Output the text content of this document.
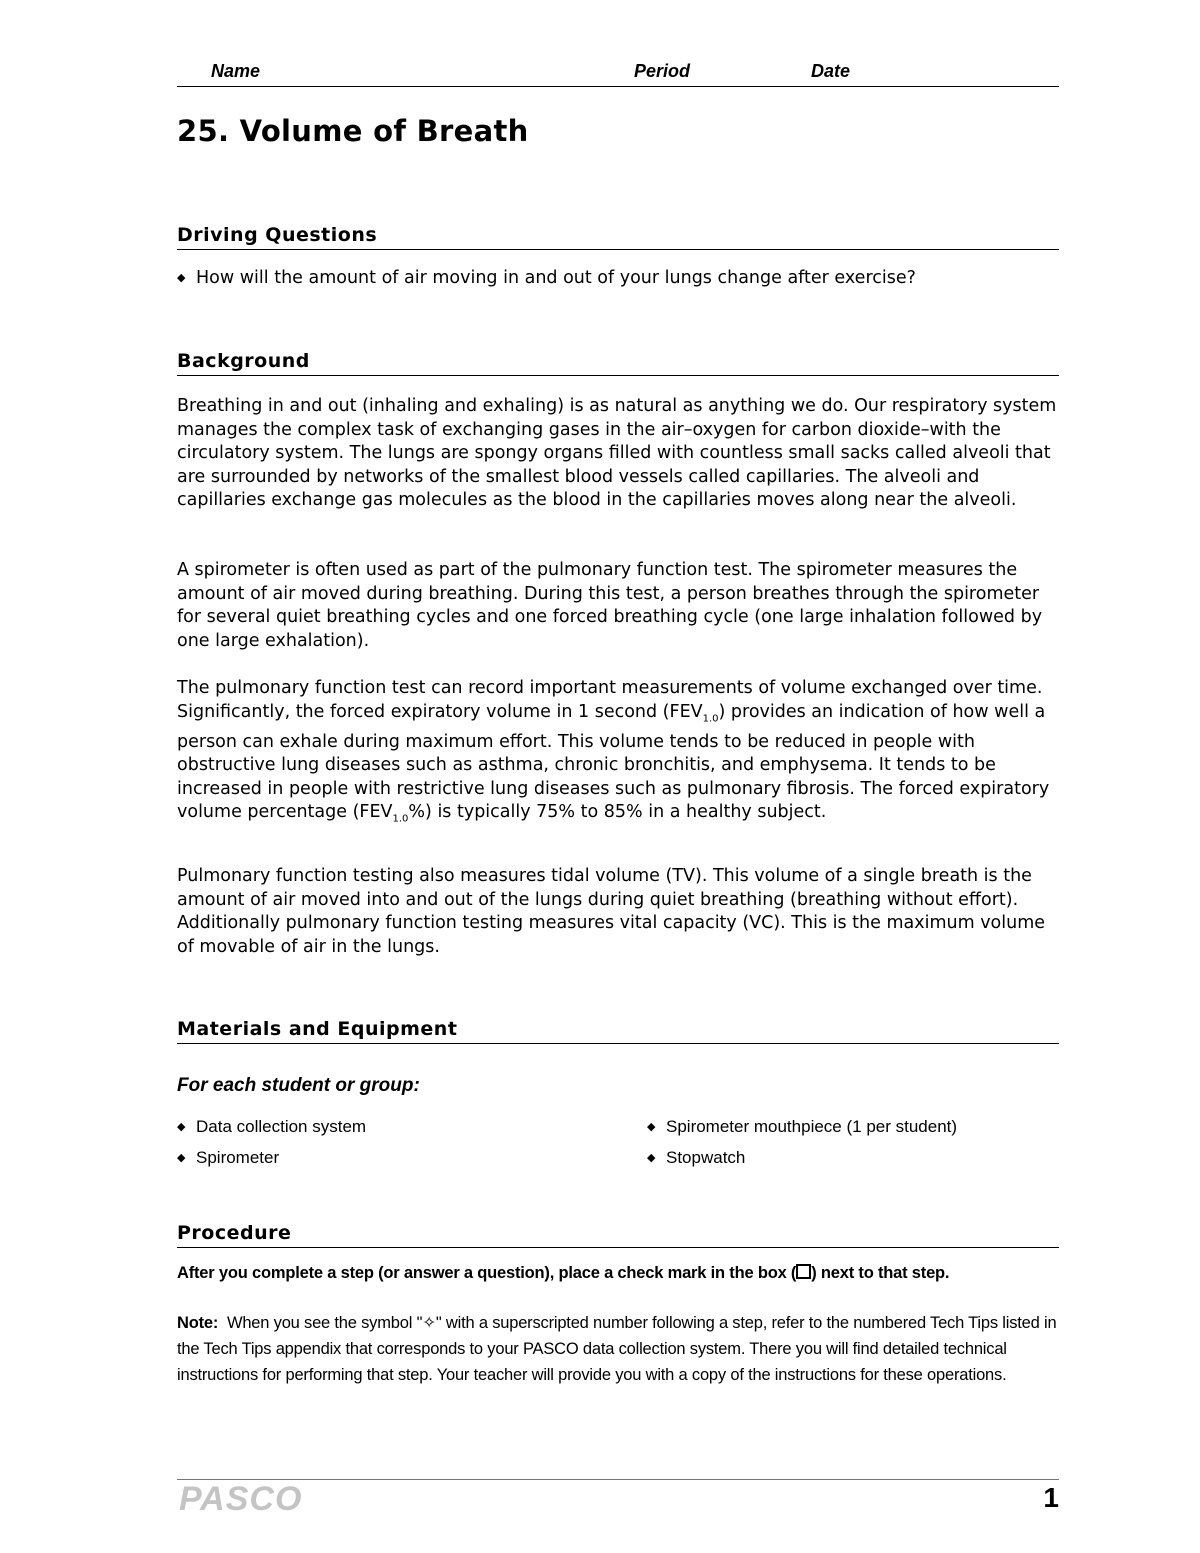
Name	Period	Date
25. Volume of Breath
Driving Questions
◆ How will the amount of air moving in and out of your lungs change after exercise?
Background

Breathing in and out (inhaling and exhaling) is as natural as anything we do. Our respiratory system manages the complex task of exchanging gases in the air–oxygen for carbon dioxide–with the circulatory system. The lungs are spongy organs filled with countless small sacks called alveoli that are surrounded by networks of the smallest blood vessels called capillaries. The alveoli and capillaries exchange gas molecules as the blood in the capillaries moves along near the alveoli.

A spirometer is often used as part of the pulmonary function test. The spirometer measures the amount of air moved during breathing. During this test, a person breathes through the spirometer for several quiet breathing cycles and one forced breathing cycle (one large inhalation followed by one large exhalation).

The pulmonary function test can record important measurements of volume exchanged over time. Significantly, the forced expiratory volume in 1 second $(FEV_{1.0})$ provides an indication of how well a person can exhale during maximum effort. This volume tends to be reduced in people with obstructive lung diseases such as asthma, chronic bronchitis, and emphysema. It tends to be increased in people with restrictive lung diseases such as pulmonary fibrosis. The forced expiratory volume percentage $(FEV_{1.0}\%)$ is typically 75% to 85% in a healthy subject.

Pulmonary function testing also measures tidal volume (TV). This volume of a single breath is the amount of air moved into and out of the lungs during quiet breathing (breathing without effort). Additionally pulmonary function testing measures vital capacity (VC). This is the maximum volume of movable of air in the lungs.

Materials and Equipment

For each student or group:

◆ Data collection system	◆ Spirometer mouthpiece (1 per student)
◆ Spirometer	◆ Stopwatch
Procedure

After you complete a step (or answer a question), place a check mark in the box ( ) next to that step.

Note: When you see the symbol "✧" with a superscripted number following a step, refer to the numbered Tech Tips listed in the Tech Tips appendix that corresponds to your PASCO data collection system. There you will find detailed technical instructions for performing that step. Your teacher will provide you with a copy of the instructions for these operations.

PASCO	1
